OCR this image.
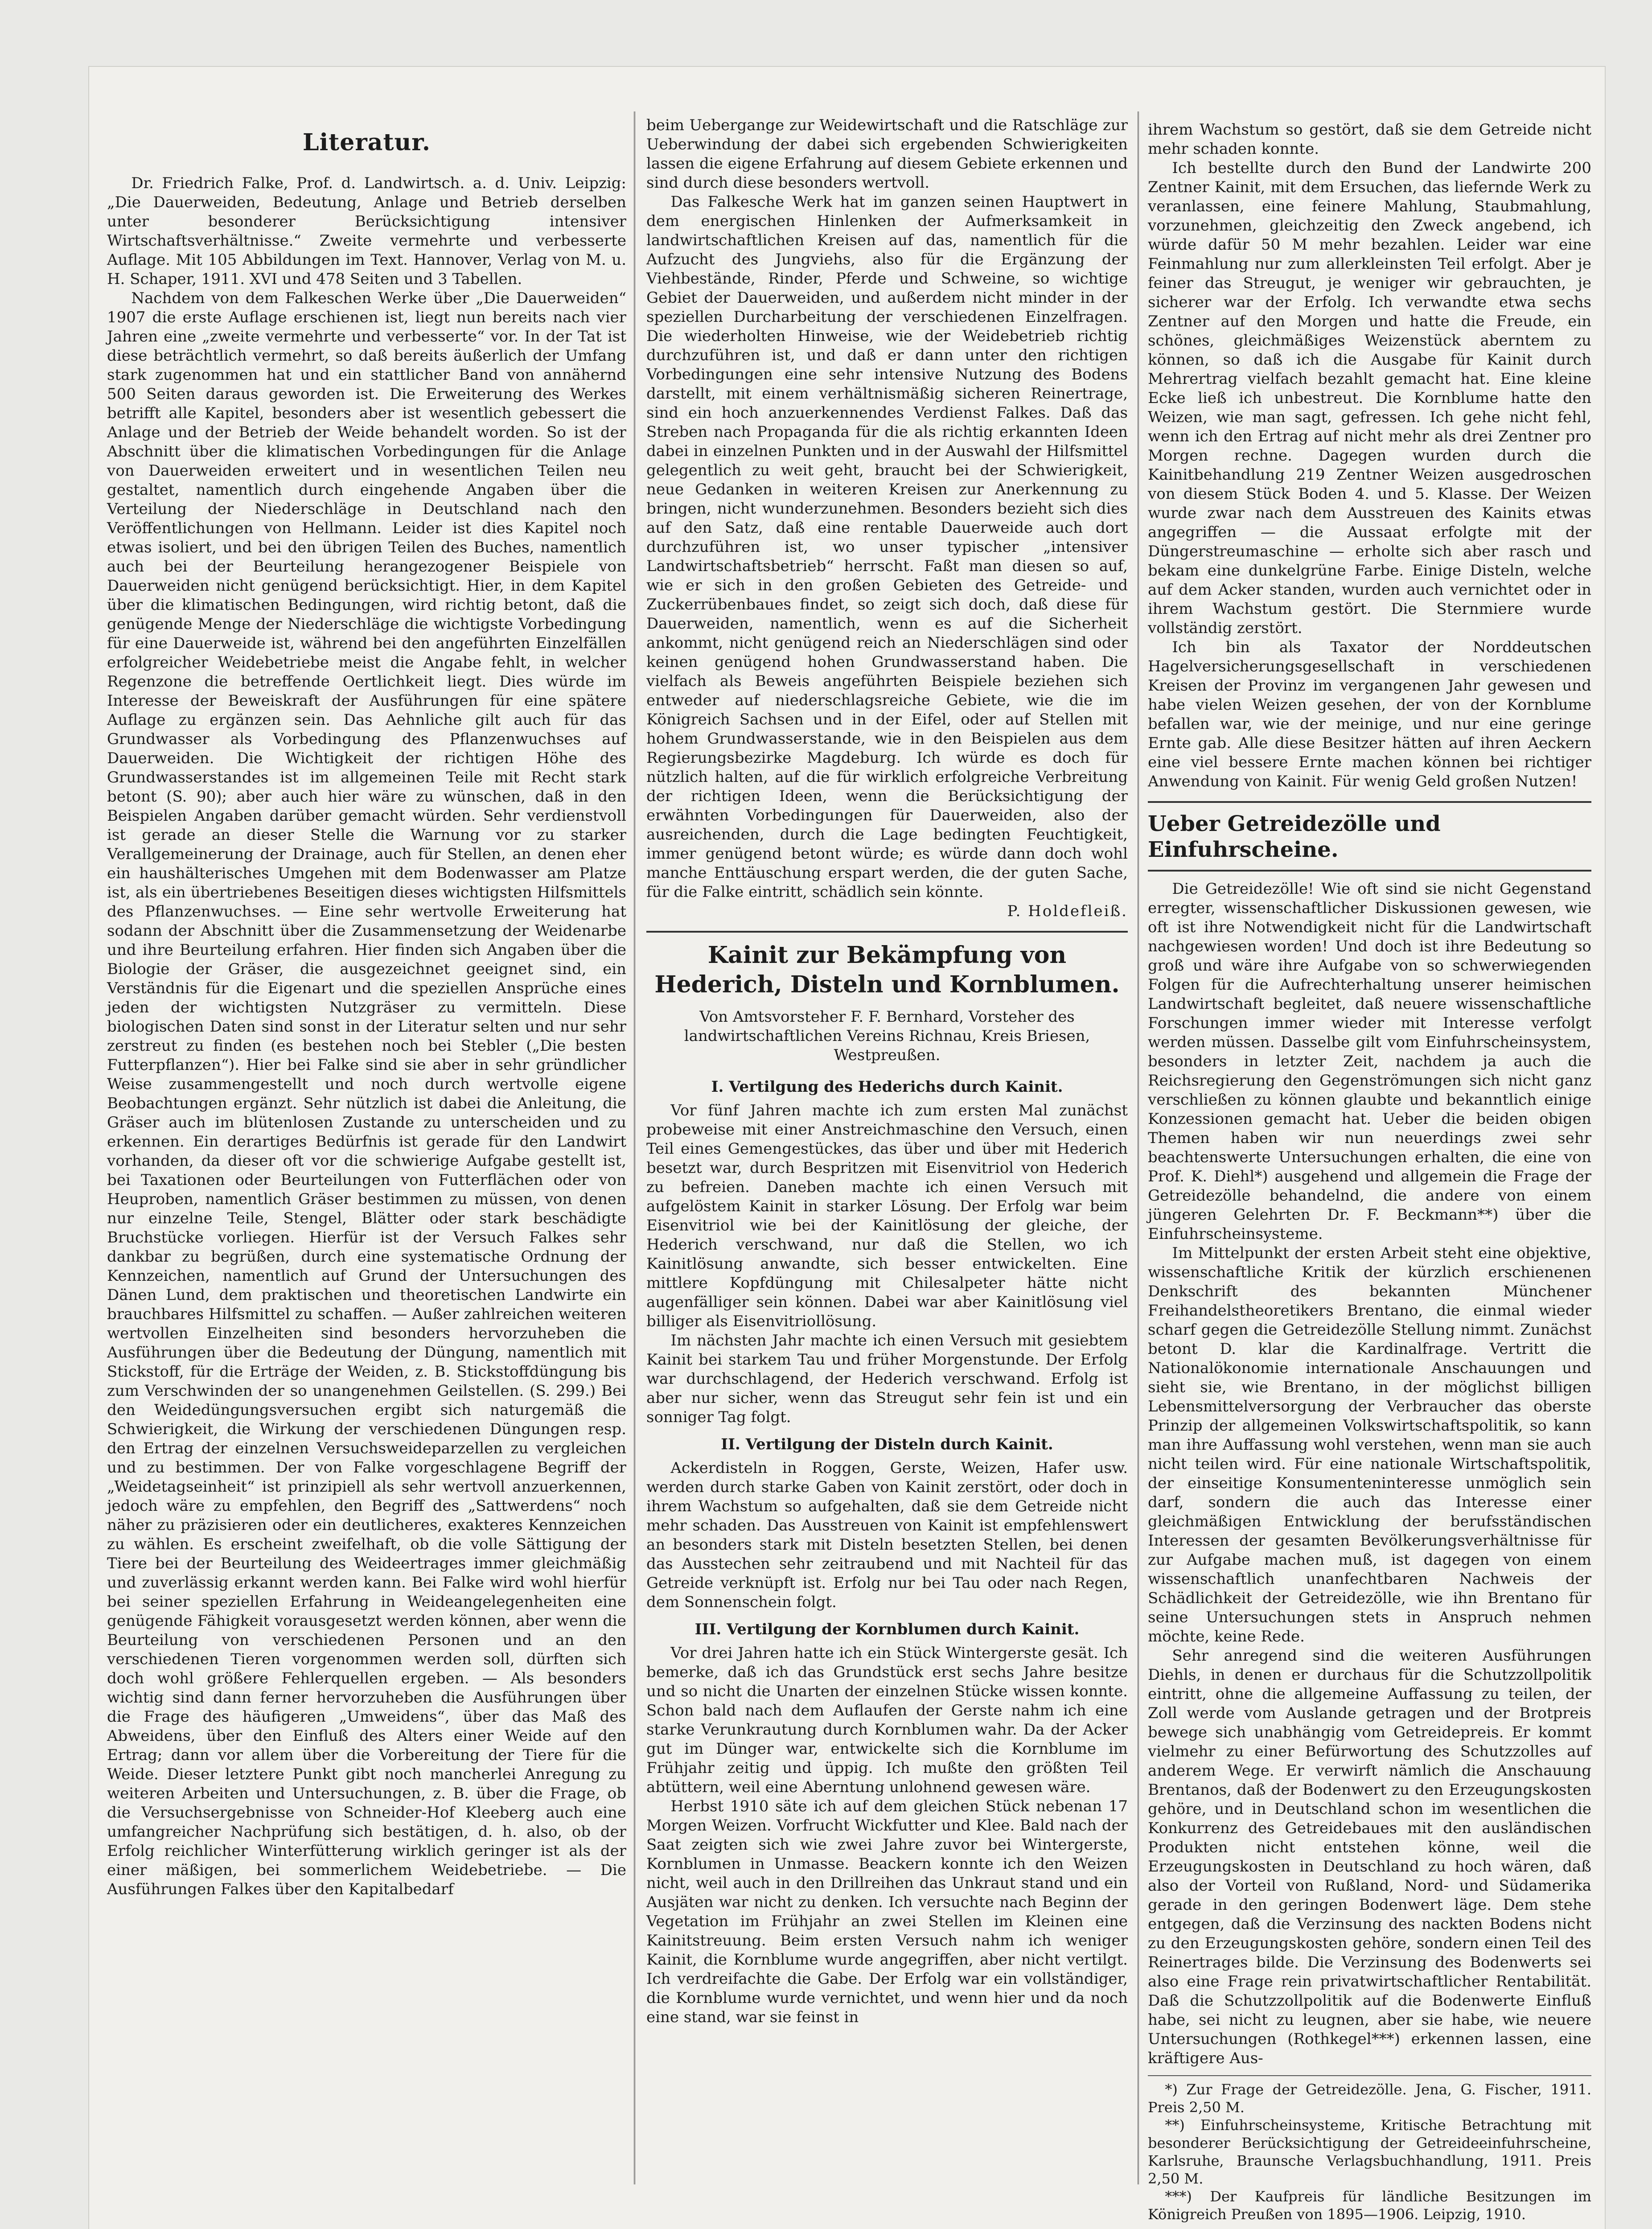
Literatur.

Dr. Friedrich Falke, Prof. d. Landwirtsch. a. d. Univ. Leipzig: „Die Dauerweiden, Bedeutung, Anlage und Betrieb derselben unter besonderer Berücksichtigung intensiver Wirtschaftsverhältnisse.“ Zweite vermehrte und verbesserte Auflage. Mit 105 Abbildungen im Text. Hannover, Verlag von M. u. H. Schaper, 1911. XVI und 478 Seiten und 3 Tabellen.

Nachdem von dem Falkeschen Werke über „Die Dauerweiden“ 1907 die erste Auflage erschienen ist, liegt nun bereits nach vier Jahren eine „zweite vermehrte und verbesserte“ vor. In der Tat ist diese beträchtlich vermehrt, so daß bereits äußerlich der Umfang stark zugenommen hat und ein stattlicher Band von annähernd 500 Seiten daraus geworden ist. Die Erweiterung des Werkes betrifft alle Kapitel, besonders aber ist wesentlich gebessert die Anlage und der Betrieb der Weide behandelt worden. So ist der Abschnitt über die klimatischen Vorbedingungen für die Anlage von Dauerweiden erweitert und in wesentlichen Teilen neu gestaltet, namentlich durch eingehende Angaben über die Verteilung der Niederschläge in Deutschland nach den Veröffentlichungen von Hellmann. Leider ist dies Kapitel noch etwas isoliert, und bei den übrigen Teilen des Buches, namentlich auch bei der Beurteilung herangezogener Beispiele von Dauerweiden nicht genügend berücksichtigt. Hier, in dem Kapitel über die klimatischen Bedingungen, wird richtig betont, daß die genügende Menge der Niederschläge die wichtigste Vorbedingung für eine Dauerweide ist, während bei den angeführten Einzelfällen erfolgreicher Weidebetriebe meist die Angabe fehlt, in welcher Regenzone die betreffende Oertlichkeit liegt. Dies würde im Interesse der Beweiskraft der Ausführungen für eine spätere Auflage zu ergänzen sein. Das Aehnliche gilt auch für das Grundwasser als Vorbedingung des Pflanzenwuchses auf Dauerweiden. Die Wichtigkeit der richtigen Höhe des Grundwasserstandes ist im allgemeinen Teile mit Recht stark betont (S. 90); aber auch hier wäre zu wünschen, daß in den Beispielen Angaben darüber gemacht würden. Sehr verdienstvoll ist gerade an dieser Stelle die Warnung vor zu starker Verallgemeinerung der Drainage, auch für Stellen, an denen eher ein haushälterisches Umgehen mit dem Bodenwasser am Platze ist, als ein übertriebenes Beseitigen dieses wichtigsten Hilfsmittels des Pflanzenwuchses. — Eine sehr wertvolle Erweiterung hat sodann der Abschnitt über die Zusammensetzung der Weidenarbe und ihre Beurteilung erfahren. Hier finden sich Angaben über die Biologie der Gräser, die ausgezeichnet geeignet sind, ein Verständnis für die Eigenart und die speziellen Ansprüche eines jeden der wichtigsten Nutzgräser zu vermitteln. Diese biologischen Daten sind sonst in der Literatur selten und nur sehr zerstreut zu finden (es bestehen noch bei Stebler („Die besten Futterpflanzen“). Hier bei Falke sind sie aber in sehr gründlicher Weise zusammengestellt und noch durch wertvolle eigene Beobachtungen ergänzt. Sehr nützlich ist dabei die Anleitung, die Gräser auch im blütenlosen Zustande zu unterscheiden und zu erkennen. Ein derartiges Bedürfnis ist gerade für den Landwirt vorhanden, da dieser oft vor die schwierige Aufgabe gestellt ist, bei Taxationen oder Beurteilungen von Futterflächen oder von Heuproben, namentlich Gräser bestimmen zu müssen, von denen nur einzelne Teile, Stengel, Blätter oder stark beschädigte Bruchstücke vorliegen. Hierfür ist der Versuch Falkes sehr dankbar zu begrüßen, durch eine systematische Ordnung der Kennzeichen, namentlich auf Grund der Untersuchungen des Dänen Lund, dem praktischen und theoretischen Landwirte ein brauchbares Hilfsmittel zu schaffen. — Außer zahlreichen weiteren wertvollen Einzelheiten sind besonders hervorzuheben die Ausführungen über die Bedeutung der Düngung, namentlich mit Stickstoff, für die Erträge der Weiden, z. B. Stickstoffdüngung bis zum Verschwinden der so unangenehmen Geilstellen. (S. 299.) Bei den Weidedüngungsversuchen ergibt sich naturgemäß die Schwierigkeit, die Wirkung der verschiedenen Düngungen resp. den Ertrag der einzelnen Versuchsweideparzellen zu vergleichen und zu bestimmen. Der von Falke vorgeschlagene Begriff der „Weidetagseinheit“ ist prinzipiell als sehr wertvoll anzuerkennen, jedoch wäre zu empfehlen, den Begriff des „Sattwerdens“ noch näher zu präzisieren oder ein deutlicheres, exakteres Kennzeichen zu wählen. Es erscheint zweifelhaft, ob die volle Sättigung der Tiere bei der Beurteilung des Weideertrages immer gleichmäßig und zuverlässig erkannt werden kann. Bei Falke wird wohl hierfür bei seiner speziellen Erfahrung in Weideangelegenheiten eine genügende Fähigkeit vorausgesetzt werden können, aber wenn die Beurteilung von verschiedenen Personen und an den verschiedenen Tieren vorgenommen werden soll, dürften sich doch wohl größere Fehlerquellen ergeben. — Als besonders wichtig sind dann ferner hervorzuheben die Ausführungen über die Frage des häufigeren „Umweidens“, über das Maß des Abweidens, über den Einfluß des Alters einer Weide auf den Ertrag; dann vor allem über die Vorbereitung der Tiere für die Weide. Dieser letztere Punkt gibt noch mancherlei Anregung zu weiteren Arbeiten und Untersuchungen, z. B. über die Frage, ob die Versuchsergebnisse von Schneider-Hof Kleeberg auch eine umfangreicher Nachprüfung sich bestätigen, d. h. also, ob der Erfolg reichlicher Winterfütterung wirklich geringer ist als der einer mäßigen, bei sommerlichem Weidebetriebe. — Die Ausführungen Falkes über den Kapitalbedarf

beim Uebergange zur Weidewirtschaft und die Ratschläge zur Ueberwindung der dabei sich ergebenden Schwierigkeiten lassen die eigene Erfahrung auf diesem Gebiete erkennen und sind durch diese besonders wertvoll.

Das Falkesche Werk hat im ganzen seinen Hauptwert in dem energischen Hinlenken der Aufmerksamkeit in landwirtschaftlichen Kreisen auf das, namentlich für die Aufzucht des Jungviehs, also für die Ergänzung der Viehbestände, Rinder, Pferde und Schweine, so wichtige Gebiet der Dauerweiden, und außerdem nicht minder in der speziellen Durcharbeitung der verschiedenen Einzelfragen. Die wiederholten Hinweise, wie der Weidebetrieb richtig durchzuführen ist, und daß er dann unter den richtigen Vorbedingungen eine sehr intensive Nutzung des Bodens darstellt, mit einem verhältnismäßig sicheren Reinertrage, sind ein hoch anzuerkennendes Verdienst Falkes. Daß das Streben nach Propaganda für die als richtig erkannten Ideen dabei in einzelnen Punkten und in der Auswahl der Hilfsmittel gelegentlich zu weit geht, braucht bei der Schwierigkeit, neue Gedanken in weiteren Kreisen zur Anerkennung zu bringen, nicht wunderzunehmen. Besonders bezieht sich dies auf den Satz, daß eine rentable Dauerweide auch dort durchzuführen ist, wo unser typischer „intensiver Landwirtschaftsbetrieb“ herrscht. Faßt man diesen so auf, wie er sich in den großen Gebieten des Getreide- und Zuckerrübenbaues findet, so zeigt sich doch, daß diese für Dauerweiden, namentlich, wenn es auf die Sicherheit ankommt, nicht genügend reich an Niederschlägen sind oder keinen genügend hohen Grundwasserstand haben. Die vielfach als Beweis angeführten Beispiele beziehen sich entweder auf niederschlagsreiche Gebiete, wie die im Königreich Sachsen und in der Eifel, oder auf Stellen mit hohem Grundwasserstande, wie in den Beispielen aus dem Regierungsbezirke Magdeburg. Ich würde es doch für nützlich halten, auf die für wirklich erfolgreiche Verbreitung der richtigen Ideen, wenn die Berücksichtigung der erwähnten Vorbedingungen für Dauerweiden, also der ausreichenden, durch die Lage bedingten Feuchtigkeit, immer genügend betont würde; es würde dann doch wohl manche Enttäuschung erspart werden, die der guten Sache, für die Falke eintritt, schädlich sein könnte.

P. Holdefleiß.

Kainit zur Bekämpfung von Hederich, Disteln und Kornblumen.
Von Amtsvorsteher F. F. Bernhard, Vorsteher des landwirtschaftlichen Vereins Richnau, Kreis Briesen, Westpreußen.
I. Vertilgung des Hederichs durch Kainit.

Vor fünf Jahren machte ich zum ersten Mal zunächst probeweise mit einer Anstreichmaschine den Versuch, einen Teil eines Gemengestückes, das über und über mit Hederich besetzt war, durch Bespritzen mit Eisenvitriol von Hederich zu befreien. Daneben machte ich einen Versuch mit aufgelöstem Kainit in starker Lösung. Der Erfolg war beim Eisenvitriol wie bei der Kainitlösung der gleiche, der Hederich verschwand, nur daß die Stellen, wo ich Kainitlösung anwandte, sich besser entwickelten. Eine mittlere Kopfdüngung mit Chilesalpeter hätte nicht augenfälliger sein können. Dabei war aber Kainitlösung viel billiger als Eisenvitriollösung.

Im nächsten Jahr machte ich einen Versuch mit gesiebtem Kainit bei starkem Tau und früher Morgenstunde. Der Erfolg war durchschlagend, der Hederich verschwand. Erfolg ist aber nur sicher, wenn das Streugut sehr fein ist und ein sonniger Tag folgt.

II. Vertilgung der Disteln durch Kainit.

Ackerdisteln in Roggen, Gerste, Weizen, Hafer usw. werden durch starke Gaben von Kainit zerstört, oder doch in ihrem Wachstum so aufgehalten, daß sie dem Getreide nicht mehr schaden. Das Ausstreuen von Kainit ist empfehlenswert an besonders stark mit Disteln besetzten Stellen, bei denen das Ausstechen sehr zeitraubend und mit Nachteil für das Getreide verknüpft ist. Erfolg nur bei Tau oder nach Regen, dem Sonnenschein folgt.

III. Vertilgung der Kornblumen durch Kainit.

Vor drei Jahren hatte ich ein Stück Wintergerste gesät. Ich bemerke, daß ich das Grundstück erst sechs Jahre besitze und so nicht die Unarten der einzelnen Stücke wissen konnte. Schon bald nach dem Auflaufen der Gerste nahm ich eine starke Verunkrautung durch Kornblumen wahr. Da der Acker gut im Dünger war, entwickelte sich die Kornblume im Frühjahr zeitig und üppig. Ich mußte den größten Teil abtüttern, weil eine Aberntung unlohnend gewesen wäre.

Herbst 1910 säte ich auf dem gleichen Stück nebenan 17 Morgen Weizen. Vorfrucht Wickfutter und Klee. Bald nach der Saat zeigten sich wie zwei Jahre zuvor bei Wintergerste, Kornblumen in Unmasse. Beackern konnte ich den Weizen nicht, weil auch in den Drillreihen das Unkraut stand und ein Ausjäten war nicht zu denken. Ich versuchte nach Beginn der Vegetation im Frühjahr an zwei Stellen im Kleinen eine Kainitstreuung. Beim ersten Versuch nahm ich weniger Kainit, die Kornblume wurde angegriffen, aber nicht vertilgt. Ich verdreifachte die Gabe. Der Erfolg war ein vollständiger, die Kornblume wurde vernichtet, und wenn hier und da noch eine stand, war sie feinst in

ihrem Wachstum so gestört, daß sie dem Getreide nicht mehr schaden konnte.

Ich bestellte durch den Bund der Landwirte 200 Zentner Kainit, mit dem Ersuchen, das liefernde Werk zu veranlassen, eine feinere Mahlung, Staubmahlung, vorzunehmen, gleichzeitig den Zweck angebend, ich würde dafür 50 M mehr bezahlen. Leider war eine Feinmahlung nur zum allerkleinsten Teil erfolgt. Aber je feiner das Streugut, je weniger wir gebrauchten, je sicherer war der Erfolg. Ich verwandte etwa sechs Zentner auf den Morgen und hatte die Freude, ein schönes, gleichmäßiges Weizenstück aberntem zu können, so daß ich die Ausgabe für Kainit durch Mehrertrag vielfach bezahlt gemacht hat. Eine kleine Ecke ließ ich unbestreut. Die Kornblume hatte den Weizen, wie man sagt, gefressen. Ich gehe nicht fehl, wenn ich den Ertrag auf nicht mehr als drei Zentner pro Morgen rechne. Dagegen wurden durch die Kainitbehandlung 219 Zentner Weizen ausgedroschen von diesem Stück Boden 4. und 5. Klasse. Der Weizen wurde zwar nach dem Ausstreuen des Kainits etwas angegriffen — die Aussaat erfolgte mit der Düngerstreumaschine — erholte sich aber rasch und bekam eine dunkelgrüne Farbe. Einige Disteln, welche auf dem Acker standen, wurden auch vernichtet oder in ihrem Wachstum gestört. Die Sternmiere wurde vollständig zerstört.

Ich bin als Taxator der Norddeutschen Hagelversicherungsgesellschaft in verschiedenen Kreisen der Provinz im vergangenen Jahr gewesen und habe vielen Weizen gesehen, der von der Kornblume befallen war, wie der meinige, und nur eine geringe Ernte gab. Alle diese Besitzer hätten auf ihren Aeckern eine viel bessere Ernte machen können bei richtiger Anwendung von Kainit. Für wenig Geld großen Nutzen!

Ueber Getreidezölle und Einfuhrscheine.

Die Getreidezölle! Wie oft sind sie nicht Gegenstand erregter, wissenschaftlicher Diskussionen gewesen, wie oft ist ihre Notwendigkeit nicht für die Landwirtschaft nachgewiesen worden! Und doch ist ihre Bedeutung so groß und wäre ihre Aufgabe von so schwerwiegenden Folgen für die Aufrechterhaltung unserer heimischen Landwirtschaft begleitet, daß neuere wissenschaftliche Forschungen immer wieder mit Interesse verfolgt werden müssen. Dasselbe gilt vom Einfuhrscheinsystem, besonders in letzter Zeit, nachdem ja auch die Reichsregierung den Gegenströmungen sich nicht ganz verschließen zu können glaubte und bekanntlich einige Konzessionen gemacht hat. Ueber die beiden obigen Themen haben wir nun neuerdings zwei sehr beachtenswerte Untersuchungen erhalten, die eine von Prof. K. Diehl*) ausgehend und allgemein die Frage der Getreidezölle behandelnd, die andere von einem jüngeren Gelehrten Dr. F. Beckmann**) über die Einfuhrscheinsysteme.

Im Mittelpunkt der ersten Arbeit steht eine objektive, wissenschaftliche Kritik der kürzlich erschienenen Denkschrift des bekannten Münchener Freihandelstheoretikers Brentano, die einmal wieder scharf gegen die Getreidezölle Stellung nimmt. Zunächst betont D. klar die Kardinalfrage. Vertritt die Nationalökonomie internationale Anschauungen und sieht sie, wie Brentano, in der möglichst billigen Lebensmittelversorgung der Verbraucher das oberste Prinzip der allgemeinen Volkswirtschaftspolitik, so kann man ihre Auffassung wohl verstehen, wenn man sie auch nicht teilen wird. Für eine nationale Wirtschaftspolitik, der einseitige Konsumenteninteresse unmöglich sein darf, sondern die auch das Interesse einer gleichmäßigen Entwicklung der berufsständischen Interessen der gesamten Bevölkerungsverhältnisse für zur Aufgabe machen muß, ist dagegen von einem wissenschaftlich unanfechtbaren Nachweis der Schädlichkeit der Getreidezölle, wie ihn Brentano für seine Untersuchungen stets in Anspruch nehmen möchte, keine Rede.

Sehr anregend sind die weiteren Ausführungen Diehls, in denen er durchaus für die Schutzzollpolitik eintritt, ohne die allgemeine Auffassung zu teilen, der Zoll werde vom Auslande getragen und der Brotpreis bewege sich unabhängig vom Getreidepreis. Er kommt vielmehr zu einer Befürwortung des Schutzzolles auf anderem Wege. Er verwirft nämlich die Anschauung Brentanos, daß der Bodenwert zu den Erzeugungskosten gehöre, und in Deutschland schon im wesentlichen die Konkurrenz des Getreidebaues mit den ausländischen Produkten nicht entstehen könne, weil die Erzeugungskosten in Deutschland zu hoch wären, daß also der Vorteil von Rußland, Nord- und Südamerika gerade in den geringen Bodenwert läge. Dem stehe entgegen, daß die Verzinsung des nackten Bodens nicht zu den Erzeugungskosten gehöre, sondern einen Teil des Reinertrages bilde. Die Verzinsung des Bodenwerts sei also eine Frage rein privatwirtschaftlicher Rentabilität. Daß die Schutzzollpolitik auf die Bodenwerte Einfluß habe, sei nicht zu leugnen, aber sie habe, wie neuere Untersuchungen (Rothkegel***) erkennen lassen, eine kräftigere Aus-

*) Zur Frage der Getreidezölle. Jena, G. Fischer, 1911. Preis 2,50 M.

**) Einfuhrscheinsysteme, Kritische Betrachtung mit besonderer Berücksichtigung der Getreideeinfuhrscheine, Karlsruhe, Braunsche Verlagsbuchhandlung, 1911. Preis 2,50 M.

***) Der Kaufpreis für ländliche Besitzungen im Königreich Preußen von 1895—1906. Leipzig, 1910.
